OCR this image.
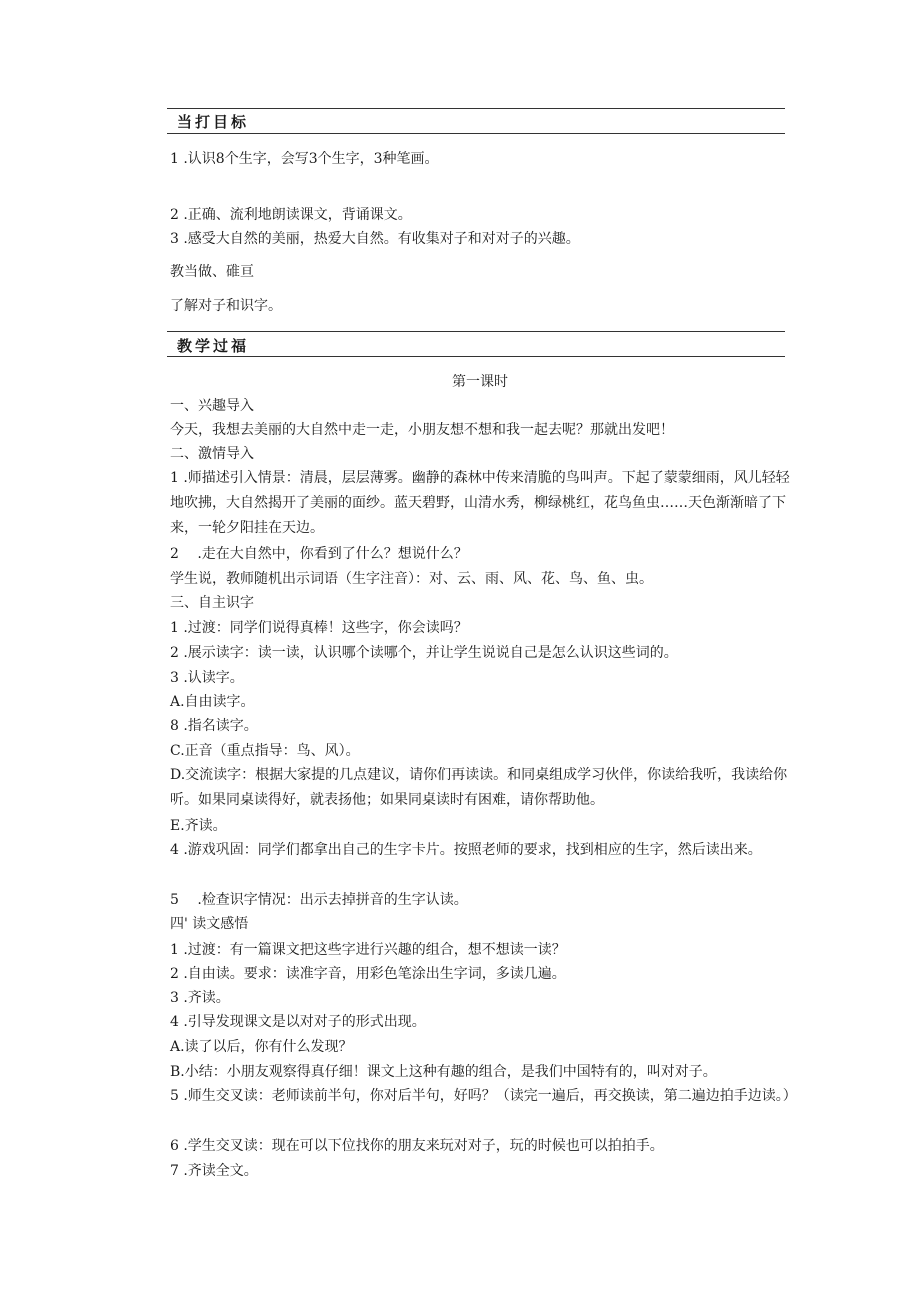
当打目标
1 .认识8个生字，会写3个生字，3种笔画。
2 .正确、流利地朗读课文，背诵课文。
3 .感受大自然的美丽，热爱大自然。有收集对子和对对子的兴趣。
教当做、碓亘
了解对子和识字。
教学过福
第一课时
一、兴趣导入
今天，我想去美丽的大自然中走一走，小朋友想不想和我一起去呢？那就出发吧！
二、激情导入
1 .师描述引入情景：清晨，层层薄雾。幽静的森林中传来清脆的鸟叫声。下起了蒙蒙细雨，风儿轻轻地吹拂，大自然揭开了美丽的面纱。蓝天碧野，山清水秀，柳绿桃红，花鸟鱼虫……天色渐渐暗了下来，一轮夕阳挂在天边。
2 　.走在大自然中，你看到了什么？想说什么？
学生说，教师随机出示词语（生字注音）：对、云、雨、风、花、鸟、鱼、虫。
三、自主识字
1 .过渡：同学们说得真棒！这些字，你会读吗？
2 .展示读字：读一读，认识哪个读哪个，并让学生说说自己是怎么认识这些词的。
3 .认读字。
A.自由读字。
8 .指名读字。
C.正音（重点指导：鸟、风）。
D.交流读字：根据大家提的几点建议，请你们再读读。和同桌组成学习伙伴，你读给我听，我读给你听。如果同桌读得好，就表扬他；如果同桌读时有困难，请你帮助他。
E.齐读。
4 .游戏巩固：同学们都拿出自己的生字卡片。按照老师的要求，找到相应的生字，然后读出来。
5 　.检查识字情况：出示去掉拼音的生字认读。
四' 读文感悟
1 .过渡：有一篇课文把这些字进行兴趣的组合，想不想读一读？
2 .自由读。要求：读准字音，用彩色笔涂出生字词，多读几遍。
3 .齐读。
4 .引导发现课文是以对对子的形式出现。
A.读了以后，你有什么发现？
B.小结：小朋友观察得真仔细！课文上这种有趣的组合，是我们中国特有的，叫对对子。
5 .师生交叉读：老师读前半句，你对后半句，好吗？（读完一遍后，再交换读，第二遍边拍手边读。）
6 .学生交叉读：现在可以下位找你的朋友来玩对对子，玩的时候也可以拍拍手。
7 .齐读全文。
